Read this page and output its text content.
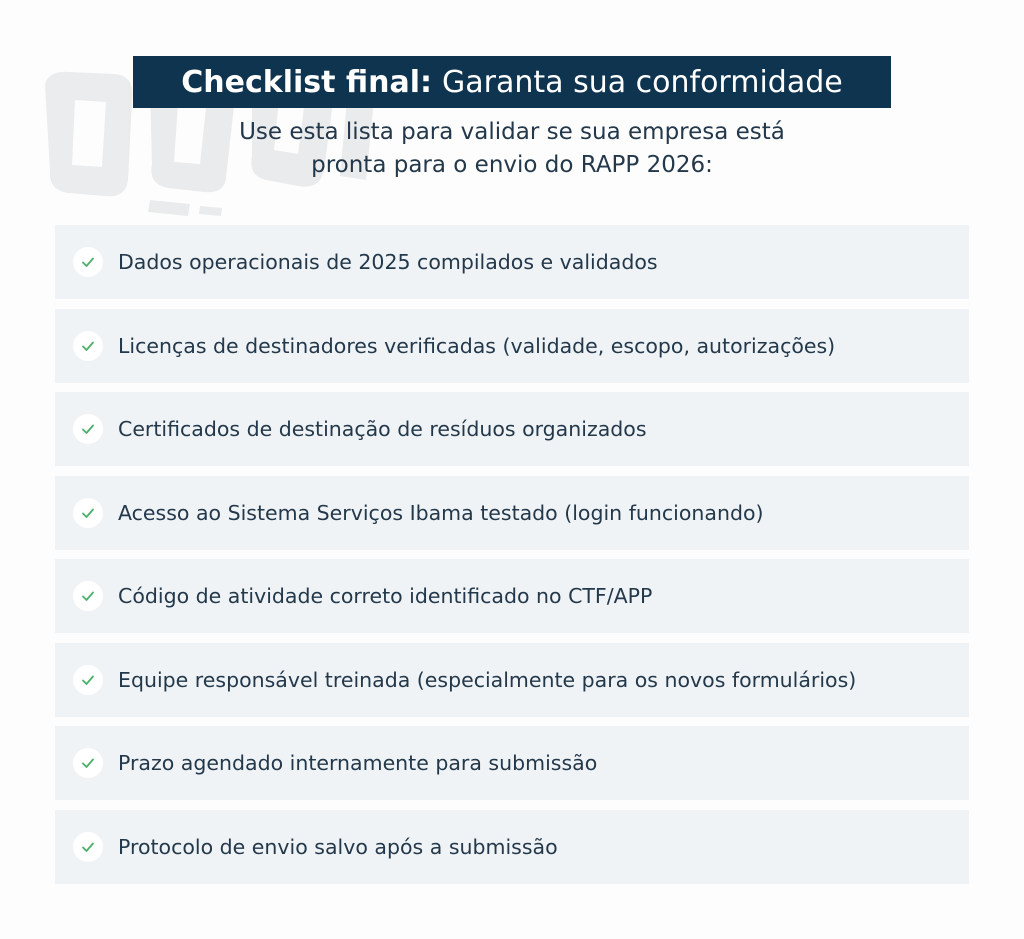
Checklist final: Garanta sua conformidade
Use esta lista para validar se sua empresa está
pronta para o envio do RAPP 2026:
Dados operacionais de 2025 compilados e validados
Licenças de destinadores verificadas (validade, escopo, autorizações)
Certificados de destinação de resíduos organizados
Acesso ao Sistema Serviços Ibama testado (login funcionando)
Código de atividade correto identificado no CTF/APP
Equipe responsável treinada (especialmente para os novos formulários)
Prazo agendado internamente para submissão
Protocolo de envio salvo após a submissão
